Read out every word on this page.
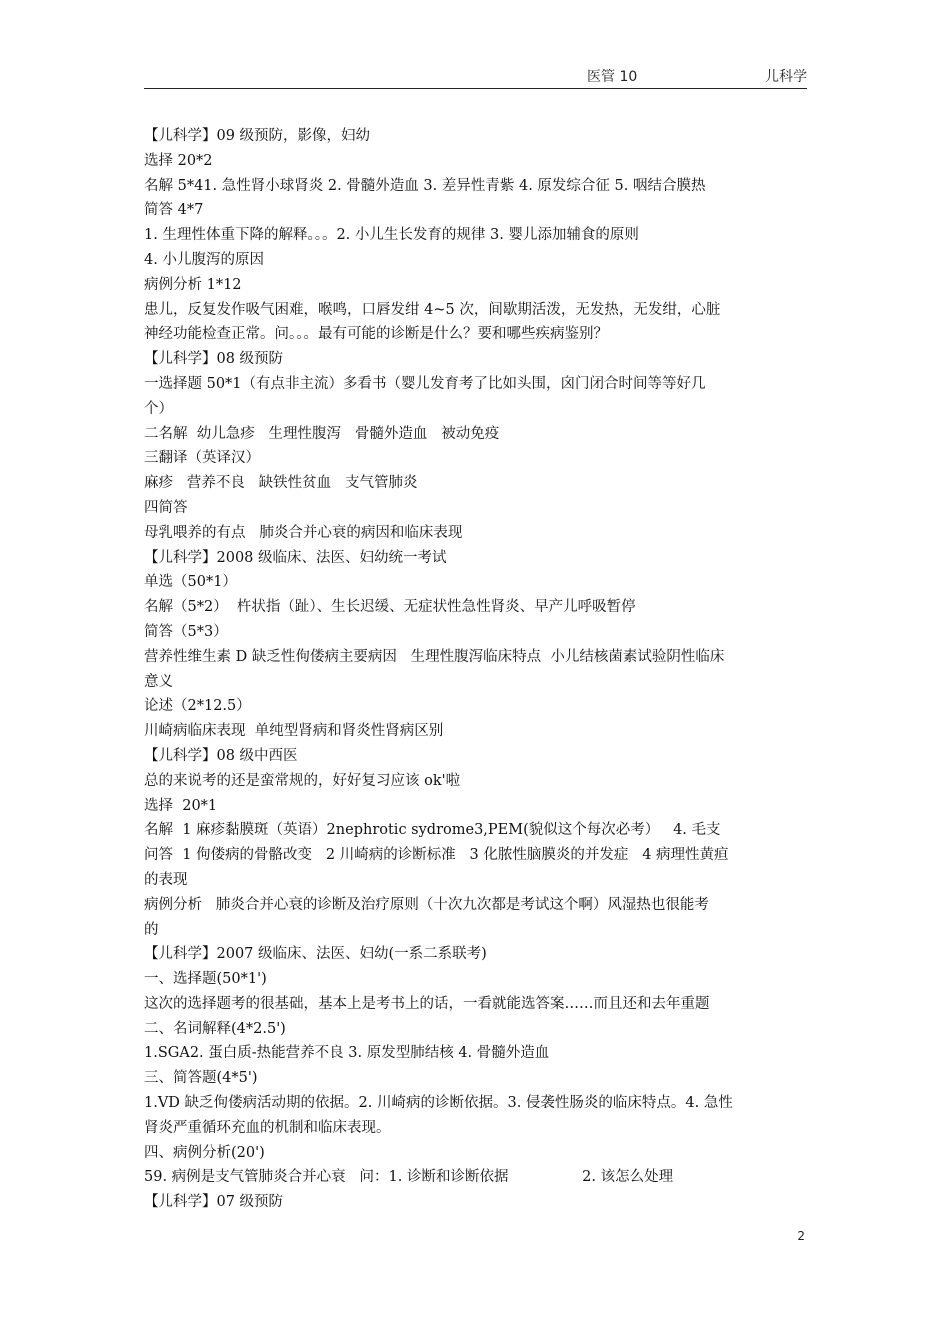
医管 10	儿科学
【儿科学】09 级预防，影像，妇幼
选择 20*2
名解 5*41. 急性肾小球肾炎 2. 骨髓外造血 3. 差异性青紫 4. 原发综合征 5. 咽结合膜热
简答 4*7
1. 生理性体重下降的解释。。。2. 小儿生长发育的规律 3. 婴儿添加辅食的原则
4. 小儿腹泻的原因
病例分析 1*12
患儿，反复发作吸气困难，喉鸣，口唇发绀 4~5 次，间歇期活泼，无发热，无发绀，心脏
神经功能检查正常。问。。。最有可能的诊断是什么？要和哪些疾病鉴别？
【儿科学】08 级预防
一选择题 50*1（有点非主流）多看书（婴儿发育考了比如头围，囟门闭合时间等等好几
个）
二名解  幼儿急疹   生理性腹泻   骨髓外造血   被动免疫
三翻译（英译汉）
麻疹   营养不良   缺铁性贫血   支气管肺炎
四简答
母乳喂养的有点   肺炎合并心衰的病因和临床表现
【儿科学】2008 级临床、法医、妇幼统一考试
单选（50*1）
名解（5*2）  杵状指（趾）、生长迟缓、无症状性急性肾炎、早产儿呼吸暂停
简答（5*3）
营养性维生素 D 缺乏性佝偻病主要病因   生理性腹泻临床特点  小儿结核菌素试验阴性临床
意义
论述（2*12.5）
川崎病临床表现  单纯型肾病和肾炎性肾病区别
【儿科学】08 级中西医
总的来说考的还是蛮常规的，好好复习应该 ok'啦
选择  20*1
名解  1 麻疹黏膜斑（英语）2nephrotic sydrome3,PEM(貌似这个每次必考）   4. 毛支
问答  1 佝偻病的骨骼改变   2 川崎病的诊断标准   3 化脓性脑膜炎的并发症   4 病理性黄疸
的表现
病例分析   肺炎合并心衰的诊断及治疗原则（十次九次都是考试这个啊）风湿热也很能考
的
【儿科学】2007 级临床、法医、妇幼(一系二系联考)
一、选择题(50*1')
这次的选择题考的很基础，基本上是考书上的话，一看就能选答案……而且还和去年重题
二、名词解释(4*2.5')
1.SGA2. 蛋白质-热能营养不良 3. 原发型肺结核 4. 骨髓外造血
三、简答题(4*5')
1.VD 缺乏佝偻病活动期的依据。2. 川崎病的诊断依据。3. 侵袭性肠炎的临床特点。4. 急性
肾炎严重循环充血的机制和临床表现。
四、病例分析(20')
59. 病例是支气管肺炎合并心衰   问：1. 诊断和诊断依据                2. 该怎么处理
【儿科学】07 级预防
2
